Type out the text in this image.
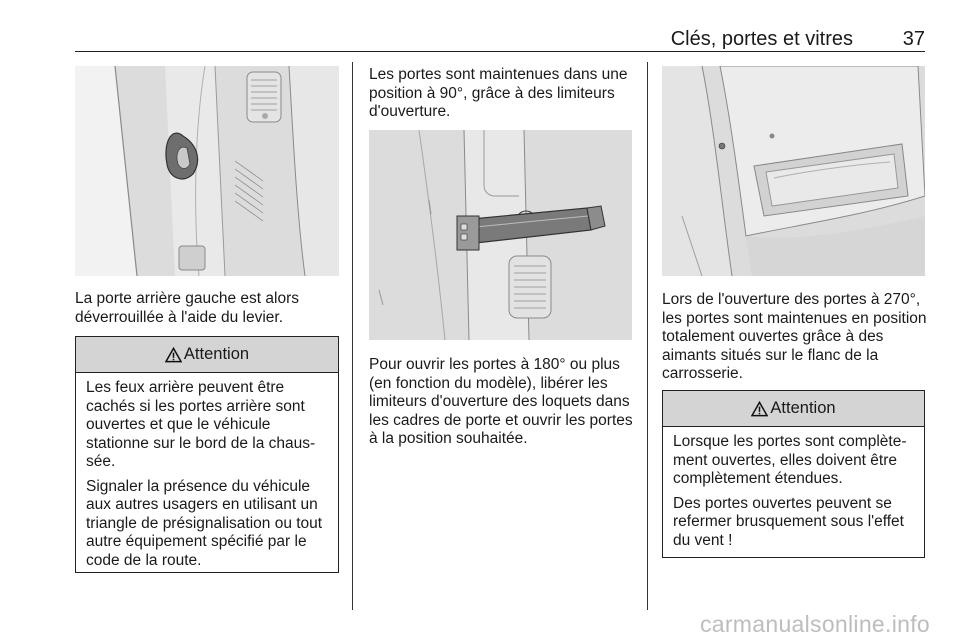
Clés, portes et vitres 37
La porte arrière gauche est alors déverrouillée à l'aide du levier.
Attention

Les feux arrière peuvent être cachés si les portes arrière sont ouvertes et que le véhicule stationne sur le bord de la chaus-sée.

Signaler la présence du véhicule aux autres usagers en utilisant un triangle de présignalisation ou tout autre équipement spécifié par le code de la route.

Les portes sont maintenues dans une position à 90°, grâce à des limiteurs d'ouverture.
Pour ouvrir les portes à 180° ou plus (en fonction du modèle), libérer les limiteurs d'ouverture des loquets dans les cadres de porte et ouvrir les portes à la position souhaitée.
Lors de l'ouverture des portes à 270°, les portes sont maintenues en position totalement ouvertes grâce à des aimants situés sur le flanc de la carrosserie.
Attention

Lorsque les portes sont complète-ment ouvertes, elles doivent être complètement étendues.

Des portes ouvertes peuvent se refermer brusquement sous l'effet du vent !

carmanualsonline.info
